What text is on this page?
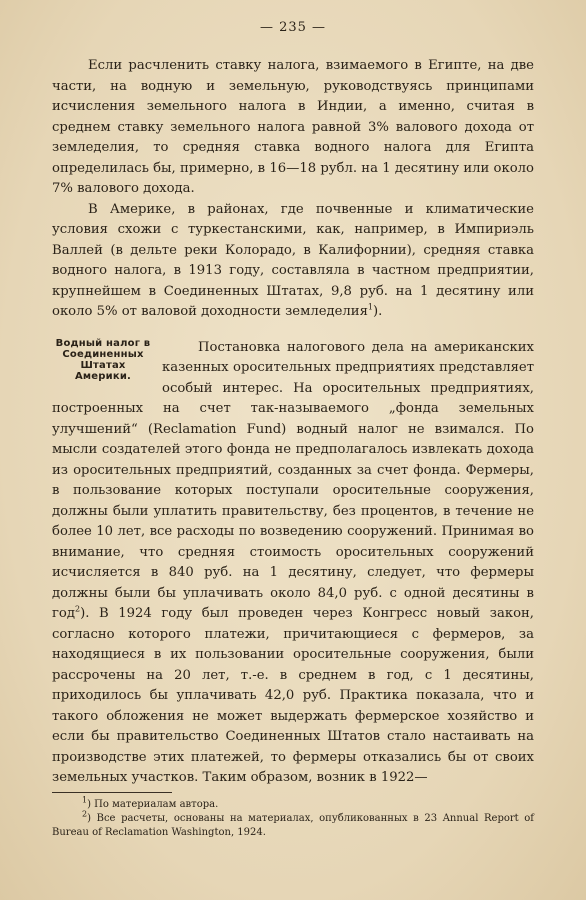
— 235 —

Если расчленить ставку налога, взимаемого в Египте, на две части, на водную и земельную, руководствуясь принципами исчисления земельного налога в Индии, а именно, считая в среднем ставку земельного налога равной 3% валового дохода от земледелия, то средняя ставка водного налога для Египта определилась бы, примерно, в 16—18 рубл. на 1 десятину или около 7% валового дохода.

В Америке, в районах, где почвенные и климатические условия схожи с туркестанскими, как, например, в Импириэль Валлей (в дельте реки Колорадо, в Калифорнии), средняя ставка водного налога, в 1913 году, составляла в частном предприятии, крупнейшем в Соединенных Штатах, 9,8 руб. на 1 десятину или около 5% от валовой доходности земледелия$^1$).

Водный налог в Соединенных Штатах Америки.

Постановка налогового дела на американских казенных оросительных предприятиях представляет особый интерес. На оросительных предприятиях, построенных на счет так-называемого „фонда земельных улучшений“ (Reclamation Fund) водный налог не взимался. По мысли создателей этого фонда не предполагалось извлекать дохода из оросительных предприятий, созданных за счет фонда. Фермеры, в пользование которых поступали оросительные сооружения, должны были уплатить правительству, без процентов, в течение не более 10 лет, все расходы по возведению сооружений. Принимая во внимание, что средняя стоимость оросительных сооружений исчисляется в 840 руб. на 1 десятину, следует, что фермеры должны были бы уплачивать около 84,0 руб. с одной десятины в год$^2$). В 1924 году был проведен через Конгресс новый закон, согласно которого платежи, причитающиеся с фермеров, за находящиеся в их пользовании оросительные сооружения, были рассрочены на 20 лет, т.-е. в среднем в год, с 1 десятины, приходилось бы уплачивать 42,0 руб. Практика показала, что и такого обложения не может выдержать фермерское хозяйство и если бы правительство Соединенных Штатов стало настаивать на производстве этих платежей, то фермеры отказались бы от своих земельных участков. Таким образом, возник в 1922—

$^1$) По материалам автора.

$^2$) Все расчеты, основаны на материалах, опубликованных в 23 Annual Report of Bureau of Reclamation Washington, 1924.
